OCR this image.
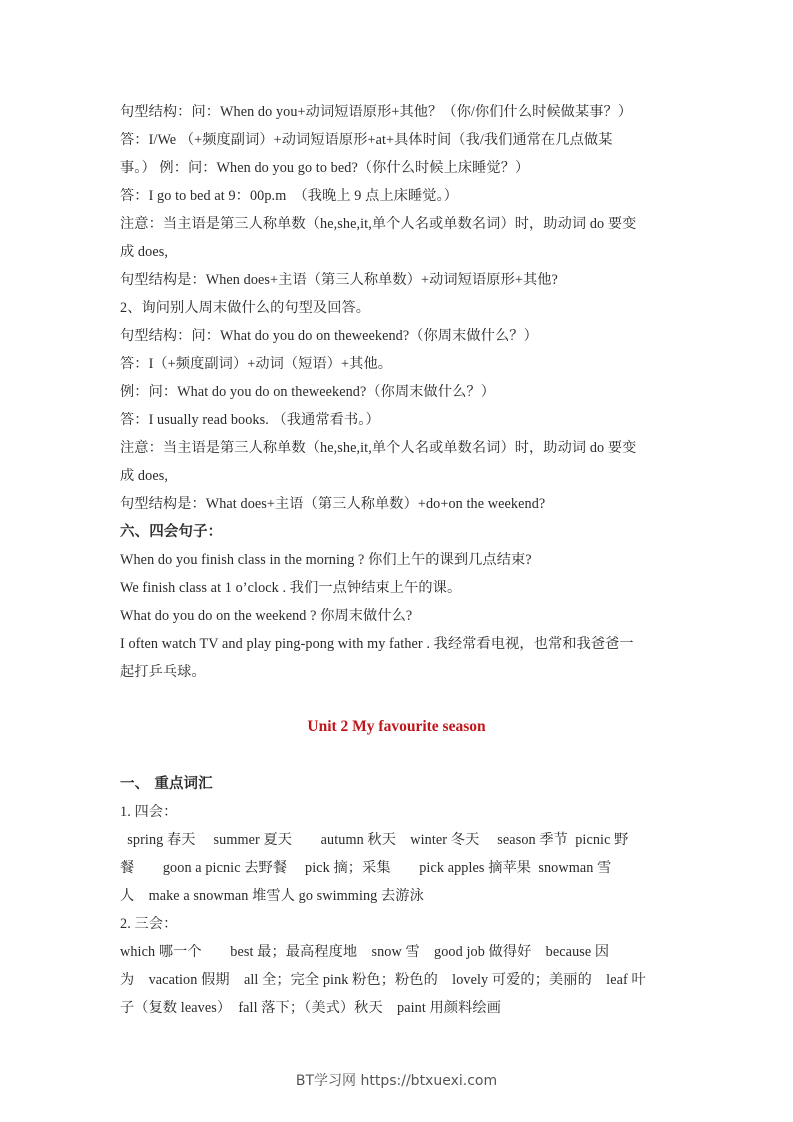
句型结构：问：When do you+动词短语原形+其他？（你/你们什么时候做某事？）
答：I/We （+频度副词）+动词短语原形+at+具体时间（我/我们通常在几点做某
事。） 例：问：When do you go to bed?（你什么时候上床睡觉？）
答：I go to bed at 9：00p.m　（我晚上 9 点上床睡觉。）
注意：当主语是第三人称单数（he,she,it,单个人名或单数名词）时，助动词 do 要变
成 does,
句型结构是：When does+主语（第三人称单数）+动词短语原形+其他?
2、询问别人周末做什么的句型及回答。
句型结构：问：What do you do on theweekend?（你周末做什么？）
答：I（+频度副词）+动词（短语）+其他。
例：问：What do you do on theweekend?（你周末做什么？）
答：I usually read books. （我通常看书。）
注意：当主语是第三人称单数（he,she,it,单个人名或单数名词）时，助动词 do 要变
成 does,
句型结构是：What does+主语（第三人称单数）+do+on the weekend?
六、四会句子：
When do you finish class in the morning ? 你们上午的课到几点结束?
We finish class at 1 o’clock . 我们一点钟结束上午的课。
What do you do on the weekend ? 你周末做什么?
I often watch TV and play ping-pong with my father . 我经常看电视，也常和我爸爸一
起打乒乓球。
Unit 2 My favourite season
一、 重点词汇
1. 四会：
spring 春天　 summer 夏天　　autumn 秋天　winter 冬天　 season 季节  picnic 野
餐　　goon a picnic 去野餐　 pick 摘；采集　　pick apples 摘苹果  snowman 雪
人　make a snowman 堆雪人 go swimming 去游泳
2. 三会：
which 哪一个　　best 最；最高程度地　snow 雪　good job 做得好　because 因
为　vacation 假期　all 全；完全 pink 粉色；粉色的　lovely 可爱的；美丽的　leaf 叶
子（复数 leaves）　fall 落下；（美式）秋天　paint 用颜料绘画
BT学习网 https://btxuexi.com
